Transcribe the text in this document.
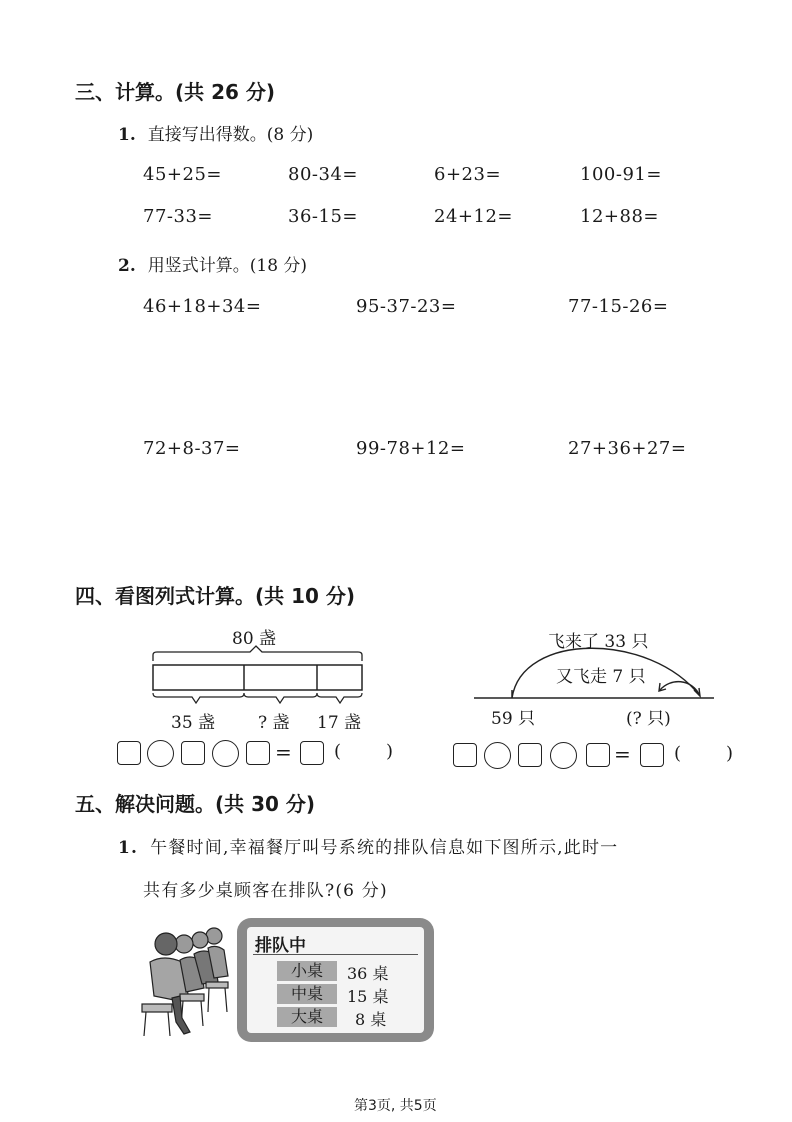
三、计算。(共 26 分)
1. 直接写出得数。(8 分)
45+25=	80-34=	6+23=	100-91=
77-33=	36-15=	24+12=	12+88=
2. 用竖式计算。(18 分)
46+18+34=	95-37-23=	77-15-26=
72+8-37=	99-78+12=	27+36+27=
四、看图列式计算。(共 10 分)
80 盏
35 盏	? 盏 17 盏
= ( )
飞来了 33 只
又飞走 7 只
59 只	(? 只)
= ( )
五、解决问题。(共 30 分)
1. 午餐时间,幸福餐厅叫号系统的排队信息如下图所示,此时一
共有多少桌顾客在排队?(6 分)
排队中
小桌	36 桌
中桌	15 桌
大桌	8 桌
第3页, 共5页
